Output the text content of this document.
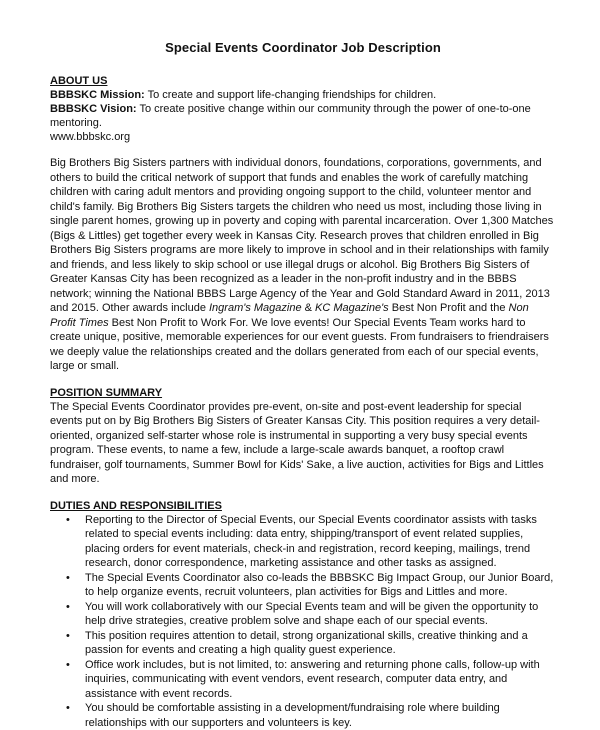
Special Events Coordinator Job Description
ABOUT US
BBBSKC Mission: To create and support life-changing friendships for children.
BBBSKC Vision: To create positive change within our community through the power of one-to-one mentoring.
www.bbbskc.org

Big Brothers Big Sisters partners with individual donors, foundations, corporations, governments, and others to build the critical network of support that funds and enables the work of carefully matching children with caring adult mentors and providing ongoing support to the child, volunteer mentor and child's family. Big Brothers Big Sisters targets the children who need us most, including those living in single parent homes, growing up in poverty and coping with parental incarceration. Over 1,300 Matches (Bigs & Littles) get together every week in Kansas City. Research proves that children enrolled in Big Brothers Big Sisters programs are more likely to improve in school and in their relationships with family and friends, and less likely to skip school or use illegal drugs or alcohol. Big Brothers Big Sisters of Greater Kansas City has been recognized as a leader in the non-profit industry and in the BBBS network; winning the National BBBS Large Agency of the Year and Gold Standard Award in 2011, 2013 and 2015. Other awards include Ingram's Magazine & KC Magazine's Best Non Profit and the Non Profit Times Best Non Profit to Work For. We love events! Our Special Events Team works hard to create unique, positive, memorable experiences for our event guests. From fundraisers to friendraisers we deeply value the relationships created and the dollars generated from each of our special events, large or small.

POSITION SUMMARY

The Special Events Coordinator provides pre-event, on-site and post-event leadership for special events put on by Big Brothers Big Sisters of Greater Kansas City. This position requires a very detail-oriented, organized self-starter whose role is instrumental in supporting a very busy special events program. These events, to name a few, include a large-scale awards banquet, a rooftop crawl fundraiser, golf tournaments, Summer Bowl for Kids' Sake, a live auction, activities for Bigs and Littles and more.

DUTIES AND RESPONSIBILITIES
• Reporting to the Director of Special Events, our Special Events coordinator assists with tasks related to special events including: data entry, shipping/transport of event related supplies, placing orders for event materials, check-in and registration, record keeping, mailings, trend research, donor correspondence, marketing assistance and other tasks as assigned.
• The Special Events Coordinator also co-leads the BBBSKC Big Impact Group, our Junior Board, to help organize events, recruit volunteers, plan activities for Bigs and Littles and more.
• You will work collaboratively with our Special Events team and will be given the opportunity to help drive strategies, creative problem solve and shape each of our special events.
• This position requires attention to detail, strong organizational skills, creative thinking and a passion for events and creating a high quality guest experience.
• Office work includes, but is not limited, to: answering and returning phone calls, follow-up with inquiries, communicating with event vendors, event research, computer data entry, and assistance with event records.
• You should be comfortable assisting in a development/fundraising role where building relationships with our supporters and volunteers is key.
